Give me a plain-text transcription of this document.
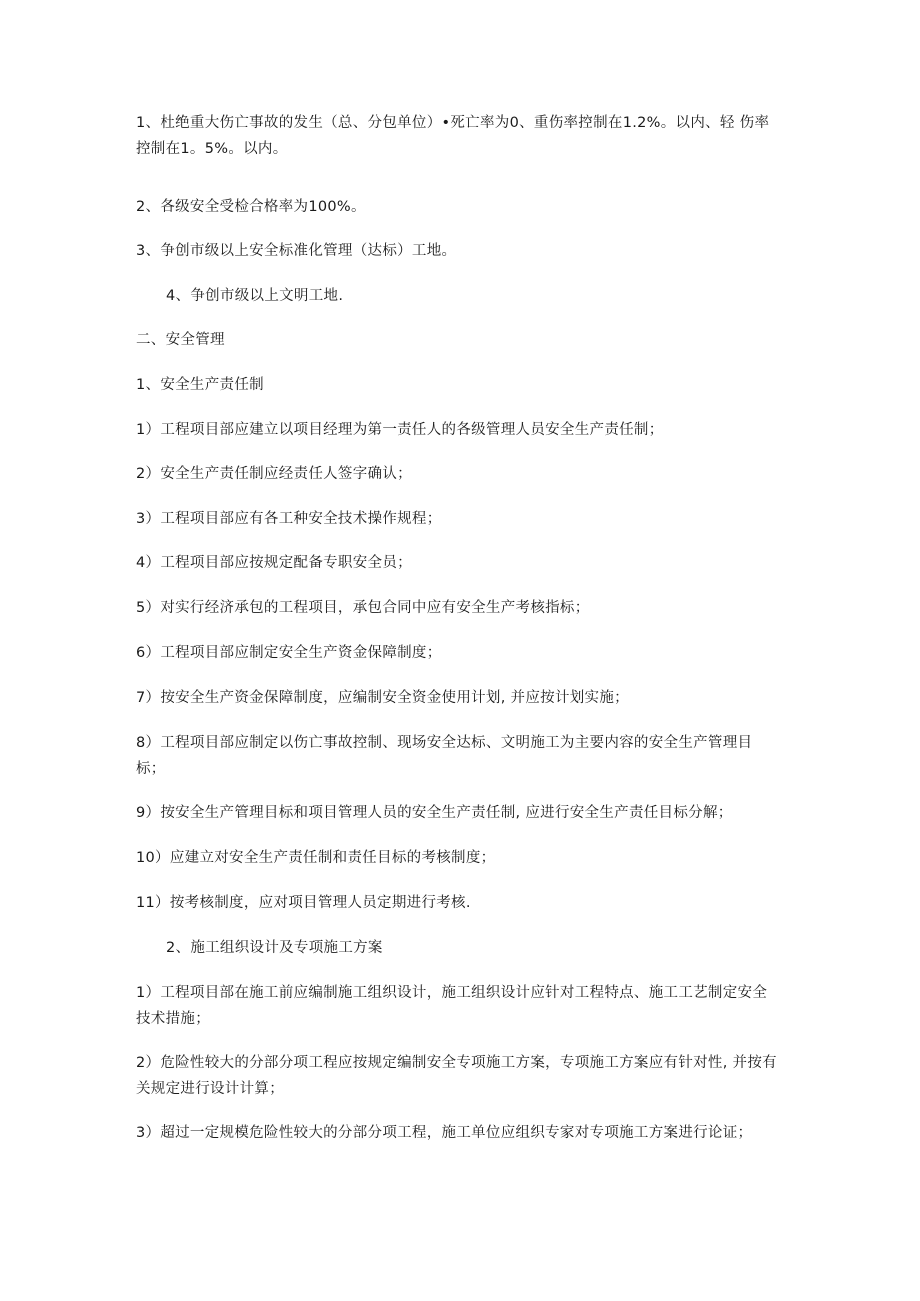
1、杜绝重大伤亡事故的发生（总、分包单位）•死亡率为0、重伤率控制在1.2%。以内、轻 伤率控制在1。5%。以内。
2、各级安全受检合格率为100%。
3、争创市级以上安全标准化管理（达标）工地。
4、争创市级以上文明工地.
二、安全管理
1、安全生产责任制
1）工程项目部应建立以项目经理为第一责任人的各级管理人员安全生产责任制；
2）安全生产责任制应经责任人签字确认；
3）工程项目部应有各工种安全技术操作规程；
4）工程项目部应按规定配备专职安全员；
5）对实行经济承包的工程项目，承包合同中应有安全生产考核指标；
6）工程项目部应制定安全生产资金保障制度；
7）按安全生产资金保障制度，应编制安全资金使用计划, 并应按计划实施；
8）工程项目部应制定以伤亡事故控制、现场安全达标、文明施工为主要内容的安全生产管理目标；
9）按安全生产管理目标和项目管理人员的安全生产责任制, 应进行安全生产责任目标分解；
10）应建立对安全生产责任制和责任目标的考核制度；
11）按考核制度，应对项目管理人员定期进行考核.
2、施工组织设计及专项施工方案
1）工程项目部在施工前应编制施工组织设计，施工组织设计应针对工程特点、施工工艺制定安全技术措施；
2）危险性较大的分部分项工程应按规定编制安全专项施工方案，专项施工方案应有针对性, 并按有关规定进行设计计算；
3）超过一定规模危险性较大的分部分项工程，施工单位应组织专家对专项施工方案进行论证；
